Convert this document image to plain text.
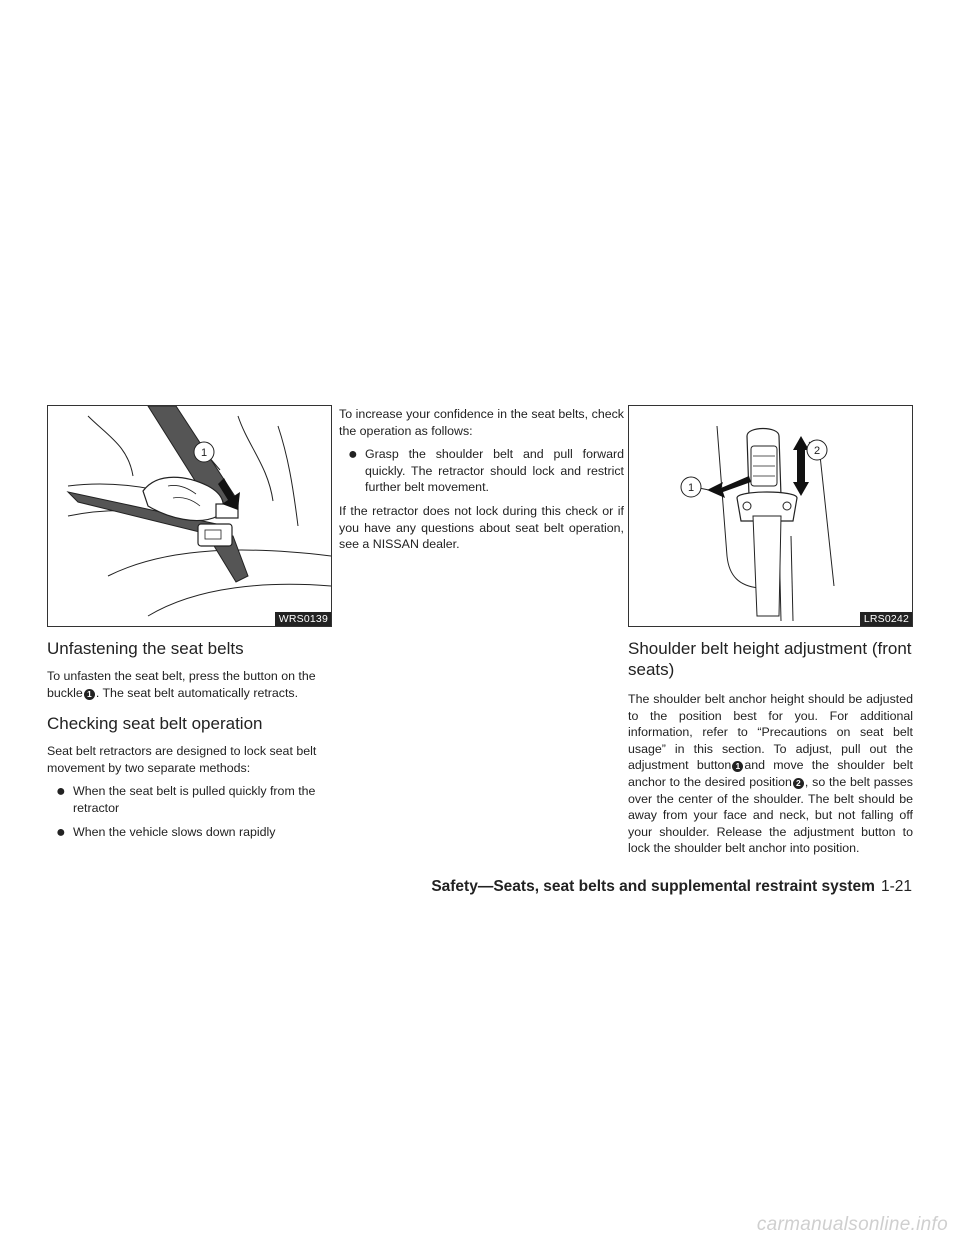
1
WRS0139
Unfastening the seat belts

To unfasten the seat belt, press the button on the buckle 1 . The seat belt automatically retracts.

Checking seat belt operation

Seat belt retractors are designed to lock seat belt movement by two separate methods:

● When the seat belt is pulled quickly from the retractor

● When the vehicle slows down rapidly

To increase your confidence in the seat belts, check the operation as follows:

● Grasp the shoulder belt and pull forward quickly. The retractor should lock and restrict further belt movement.

If the retractor does not lock during this check or if you have any questions about seat belt operation, see a NISSAN dealer.

1
2
LRS0242
Shoulder belt height adjustment (front seats)

The shoulder belt anchor height should be adjusted to the position best for you. For additional information, refer to “Precautions on seat belt usage” in this section. To adjust, pull out the adjustment button 1 and move the shoulder belt anchor to the desired position 2 , so the belt passes over the center of the shoulder. The belt should be away from your face and neck, but not falling off your shoulder. Release the adjustment button to lock the shoulder belt anchor into position.

Safety—Seats, seat belts and supplemental restraint system 1-21
carmanualsonline.info
